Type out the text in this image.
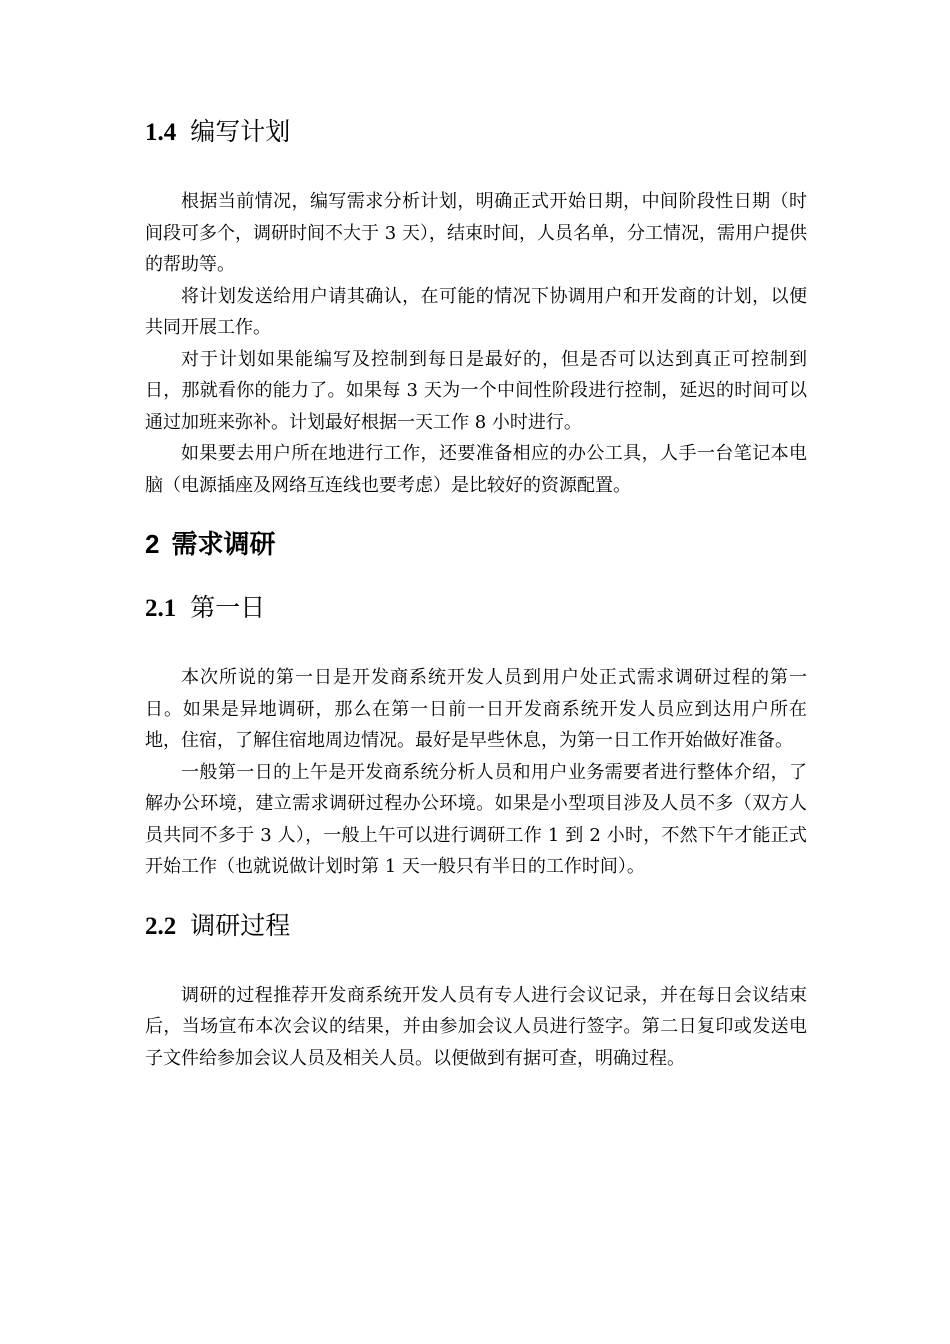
1.4 编写计划

根据当前情况，编写需求分析计划，明确正式开始日期，中间阶段性日期（时间段可多个，调研时间不大于 3 天），结束时间，人员名单，分工情况，需用户提供的帮助等。

将计划发送给用户请其确认，在可能的情况下协调用户和开发商的计划，以便共同开展工作。

对于计划如果能编写及控制到每日是最好的，但是否可以达到真正可控制到日，那就看你的能力了。如果每 3 天为一个中间性阶段进行控制，延迟的时间可以通过加班来弥补。计划最好根据一天工作 8 小时进行。

如果要去用户所在地进行工作，还要准备相应的办公工具，人手一台笔记本电脑（电源插座及网络互连线也要考虑）是比较好的资源配置。

2 需求调研
2.1 第一日

本次所说的第一日是开发商系统开发人员到用户处正式需求调研过程的第一日。如果是异地调研，那么在第一日前一日开发商系统开发人员应到达用户所在地，住宿，了解住宿地周边情况。最好是早些休息，为第一日工作开始做好准备。

一般第一日的上午是开发商系统分析人员和用户业务需要者进行整体介绍，了解办公环境，建立需求调研过程办公环境。如果是小型项目涉及人员不多（双方人员共同不多于 3 人），一般上午可以进行调研工作 1 到 2 小时，不然下午才能正式开始工作（也就说做计划时第 1 天一般只有半日的工作时间）。

2.2 调研过程

调研的过程推荐开发商系统开发人员有专人进行会议记录，并在每日会议结束后，当场宣布本次会议的结果，并由参加会议人员进行签字。第二日复印或发送电子文件给参加会议人员及相关人员。以便做到有据可查，明确过程。
